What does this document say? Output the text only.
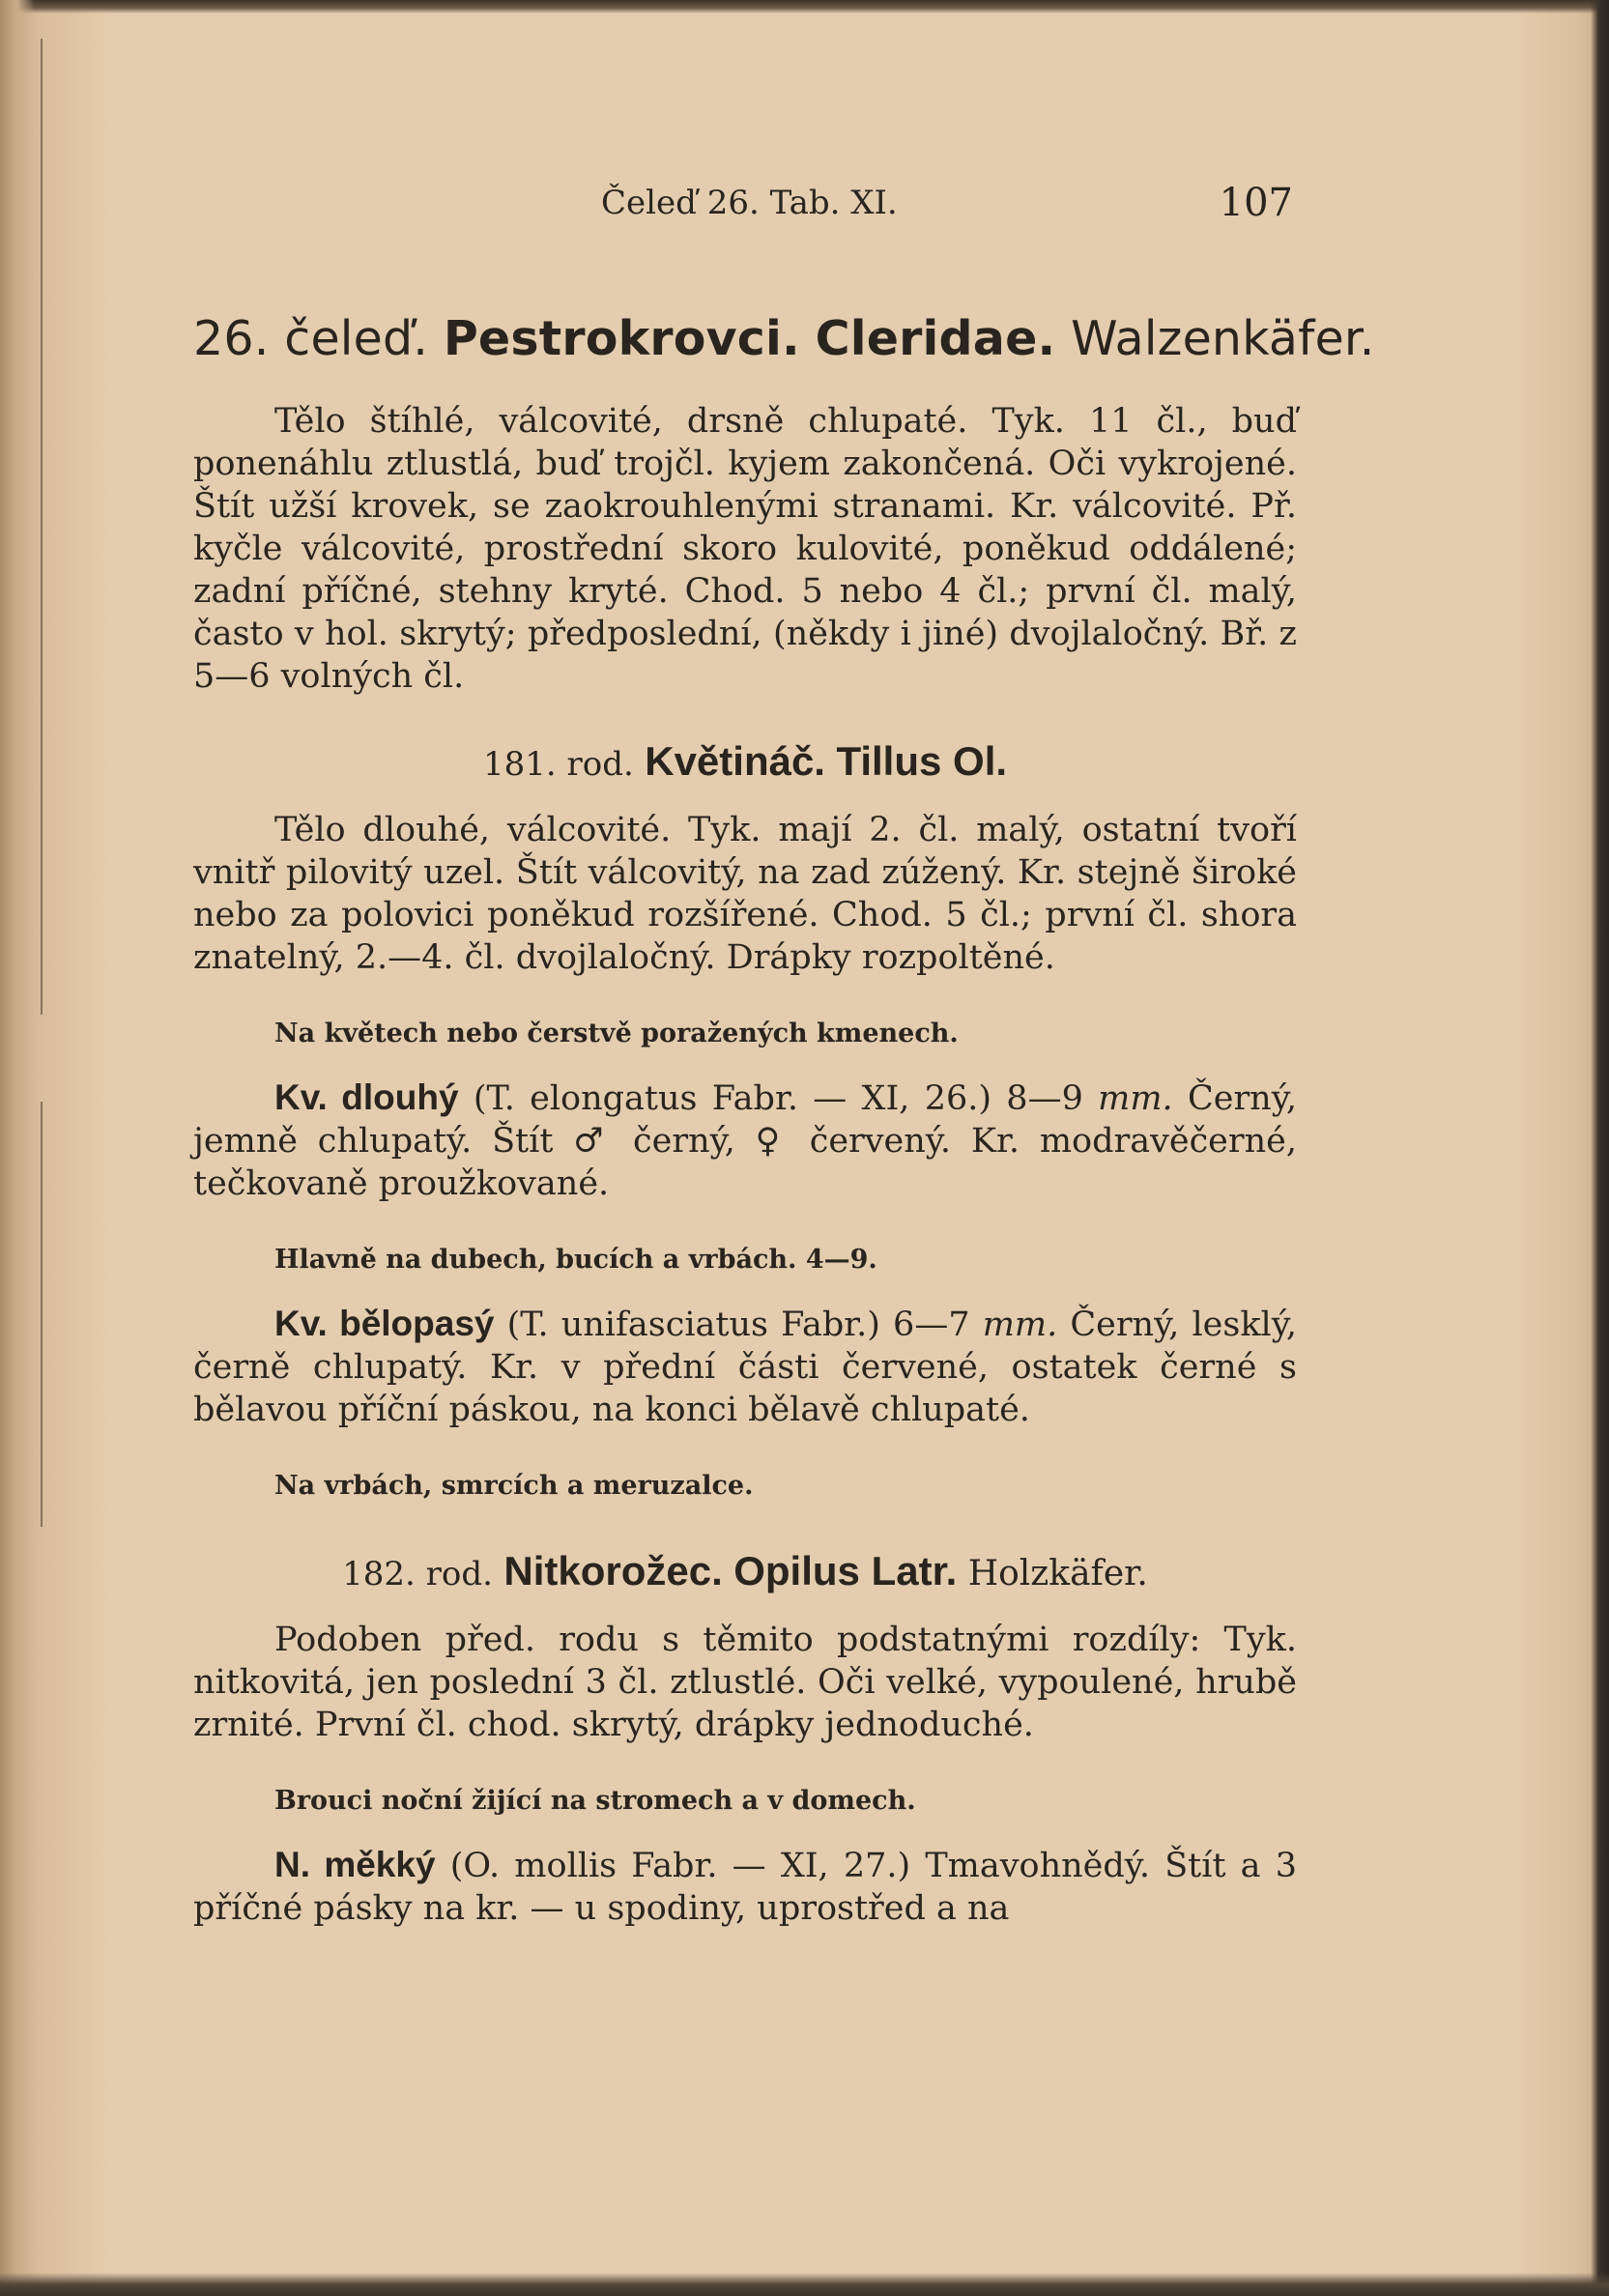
Čeleď 26. Tab. XI.	107
26. čeleď. Pestrokrovci. Cleridae. Walzenkäfer.

Tělo štíhlé, válcovité, drsně chlupaté. Tyk. 11 čl., buď ponenáhlu ztlustlá, buď trojčl. kyjem zakončená. Oči vykrojené. Štít užší krovek, se zaokrouhlenými stranami. Kr. válcovité. Př. kyčle válcovité, prostřední skoro kulovité, poněkud oddálené; zadní příčné, stehny kryté. Chod. 5 nebo 4 čl.; první čl. malý, často v hol. skrytý; předposlední, (někdy i jiné) dvojlaločný. Bř. z 5—6 volných čl.

181. rod. Květináč. Tillus Ol.

Tělo dlouhé, válcovité. Tyk. mají 2. čl. malý, ostatní tvoří vnitř pilovitý uzel. Štít válcovitý, na zad zúžený. Kr. stejně široké nebo za polovici poněkud rozšířené. Chod. 5 čl.; první čl. shora znatelný, 2.—4. čl. dvojlaločný. Drápky rozpoltěné.

Na květech nebo čerstvě poražených kmenech.

Kv. dlouhý (T. elongatus Fabr. — XI, 26.) 8—9 mm. Černý, jemně chlupatý. Štít ♂ černý, ♀ červený. Kr. modravěčerné, tečkovaně proužkované.

Hlavně na dubech, bucích a vrbách. 4—9.

Kv. bělopasý (T. unifasciatus Fabr.) 6—7 mm. Černý, lesklý, černě chlupatý. Kr. v přední části červené, ostatek černé s bělavou příční páskou, na konci bělavě chlupaté.

Na vrbách, smrcích a meruzalce.
182. rod. Nitkorožec. Opilus Latr. Holzkäfer.

Podoben před. rodu s těmito podstatnými rozdíly: Tyk. nitkovitá, jen poslední 3 čl. ztlustlé. Oči velké, vypoulené, hrubě zrnité. První čl. chod. skrytý, drápky jednoduché.

Brouci noční žijící na stromech a v domech.

N. měkký (O. mollis Fabr. — XI, 27.) Tmavohnědý. Štít a 3 příčné pásky na kr. — u spodiny, uprostřed a na
